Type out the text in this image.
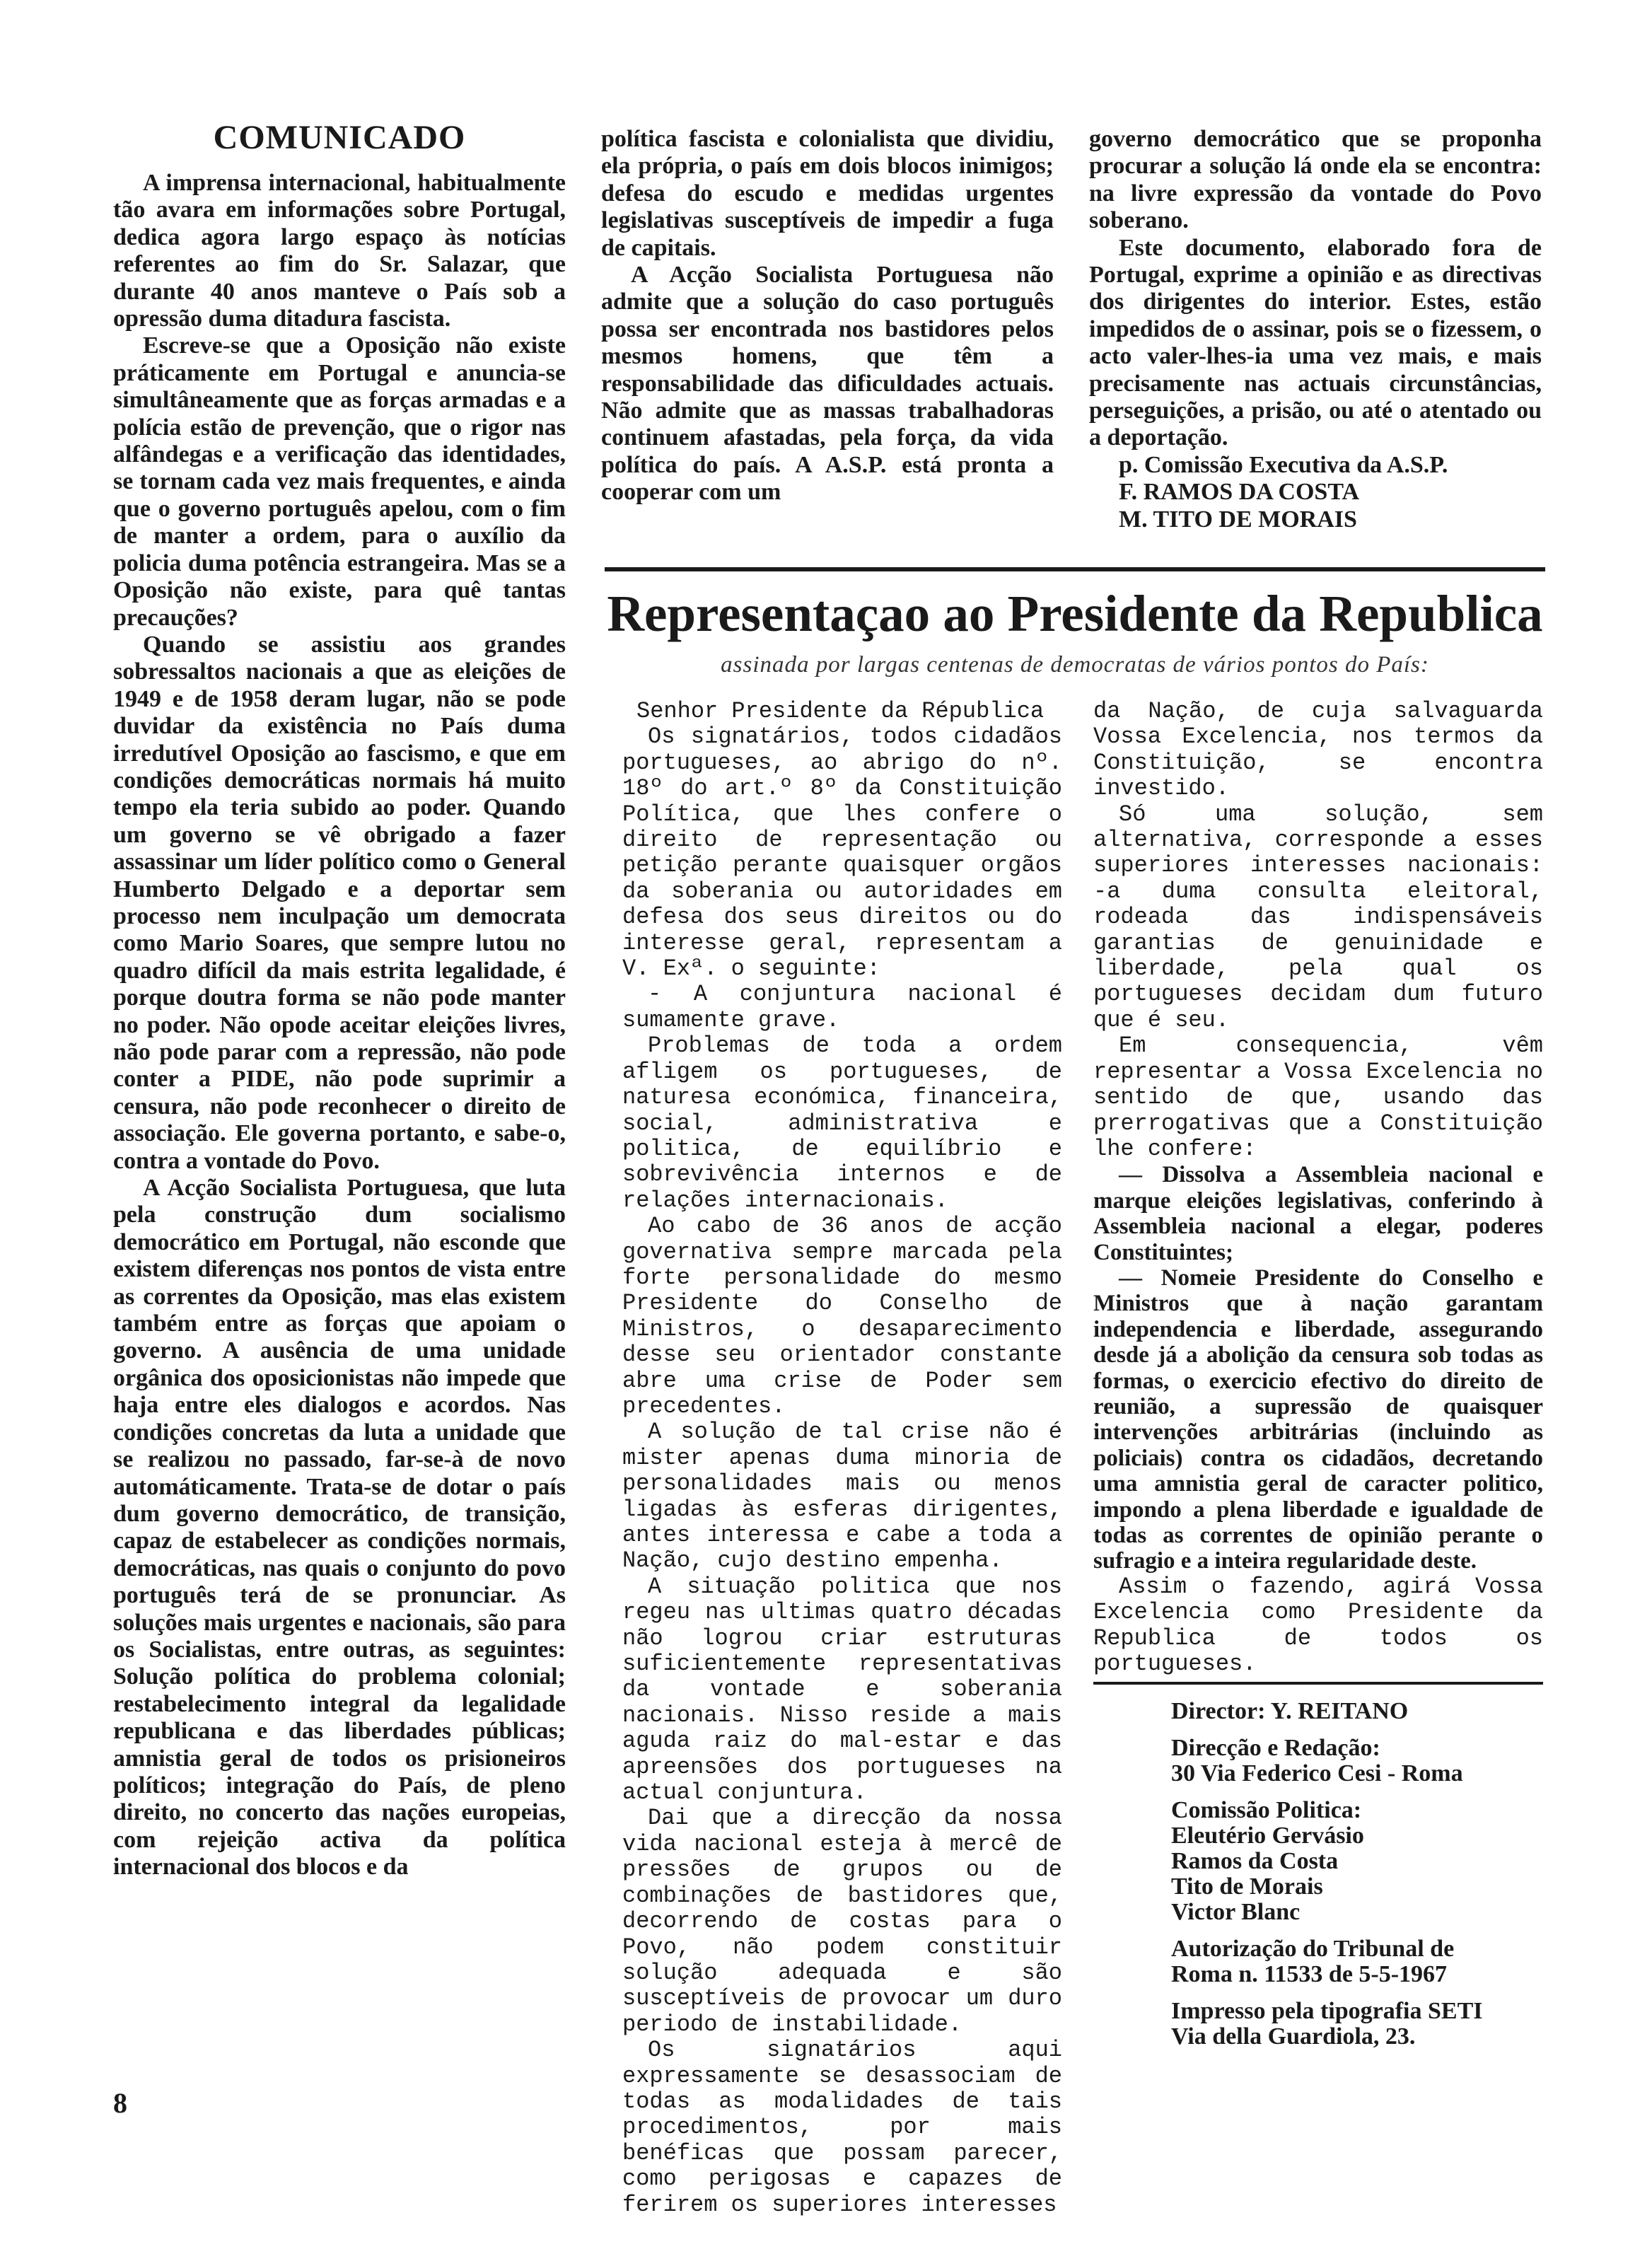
COMUNICADO

A imprensa internacional, habitualmente tão avara em informações sobre Portugal, dedica agora largo espaço às notícias referentes ao fim do Sr. Salazar, que durante 40 anos manteve o País sob a opressão duma ditadura fascista.

Escreve-se que a Oposição não existe práticamente em Portugal e anuncia-se simultâneamente que as forças armadas e a polícia estão de prevenção, que o rigor nas alfândegas e a verificação das identidades, se tornam cada vez mais frequentes, e ainda que o governo português apelou, com o fim de manter a ordem, para o auxílio da policia duma potência estrangeira. Mas se a Oposição não existe, para quê tantas precauções?

Quando se assistiu aos grandes sobressaltos nacionais a que as eleições de 1949 e de 1958 deram lugar, não se pode duvidar da existência no País duma irredutível Oposição ao fascismo, e que em condições democráticas normais há muito tempo ela teria subido ao poder. Quando um governo se vê obrigado a fazer assassinar um líder político como o General Humberto Delgado e a deportar sem processo nem inculpação um democrata como Mario Soares, que sempre lutou no quadro difícil da mais estrita legalidade, é porque doutra forma se não pode manter no poder. Não opode aceitar eleições livres, não pode parar com a repressão, não pode conter a PIDE, não pode suprimir a censura, não pode reconhecer o direito de associação. Ele governa portanto, e sabe-o, contra a vontade do Povo.

A Acção Socialista Portuguesa, que luta pela construção dum socialismo democrático em Portugal, não esconde que existem diferenças nos pontos de vista entre as correntes da Oposição, mas elas existem também entre as forças que apoiam o governo. A ausência de uma unidade orgânica dos oposicionistas não impede que haja entre eles dialogos e acordos. Nas condições concretas da luta a unidade que se realizou no passado, far-se-à de novo automáticamente. Trata-se de dotar o país dum governo democrático, de transição, capaz de estabelecer as condições normais, democráticas, nas quais o conjunto do povo português terá de se pronunciar. As soluções mais urgentes e nacionais, são para os Socialistas, entre outras, as seguintes: Solução política do problema colonial; restabelecimento integral da legalidade republicana e das liberdades públicas; amnistia geral de todos os prisioneiros políticos; integração do País, de pleno direito, no concerto das nações europeias, com rejeição activa da política internacional dos blocos e da

política fascista e colonialista que dividiu, ela própria, o país em dois blocos inimigos; defesa do escudo e medidas urgentes legislativas susceptíveis de impedir a fuga de capitais.

A Acção Socialista Portuguesa não admite que a solução do caso português possa ser encontrada nos bastidores pelos mesmos homens, que têm a responsabilidade das dificuldades actuais. Não admite que as massas trabalhadoras continuem afastadas, pela força, da vida política do país. A A.S.P. está pronta a cooperar com um

governo democrático que se proponha procurar a solução lá onde ela se encontra: na livre expressão da vontade do Povo soberano.

Este documento, elaborado fora de Portugal, exprime a opinião e as directivas dos dirigentes do interior. Estes, estão impedidos de o assinar, pois se o fizessem, o acto valer-lhes-ia uma vez mais, e mais precisamente nas actuais circunstâncias, perseguições, a prisão, ou até o atentado ou a deportação.

p. Comissão Executiva da A.S.P.

F. RAMOS DA COSTA

M. TITO DE MORAIS

Representaçao ao Presidente da Republica

assinada por largas centenas de democratas de vários pontos do País:

Senhor Presidente da Républica

Os signatários, todos cidadãos portugueses, ao abrigo do nº. 18º do art.º 8º da Constituição Política, que lhes confere o direito de representação ou petição perante quaisquer orgãos da soberania ou autoridades em defesa dos seus direitos ou do interesse geral, representam a V. Exª. o seguinte:

- A conjuntura nacional é sumamente grave.

Problemas de toda a ordem afligem os portugueses, de naturesa económica, financeira, social, administrativa e politica, de equilíbrio e sobrevivência internos e de relações internacionais.

Ao cabo de 36 anos de acção governativa sempre marcada pela forte personalidade do mesmo Presidente do Conselho de Ministros, o desaparecimento desse seu orientador constante abre uma crise de Poder sem precedentes.

A solução de tal crise não é mister apenas duma minoria de personalidades mais ou menos ligadas às esferas dirigentes, antes interessa e cabe a toda a Nação, cujo destino empenha.

A situação politica que nos regeu nas ultimas quatro décadas não logrou criar estruturas suficientemente representativas da vontade e soberania nacionais. Nisso reside a mais aguda raiz do mal-estar e das apreensões dos portugueses na actual conjuntura.

Dai que a direcção da nossa vida nacional esteja à mercê de pressões de grupos ou de combinações de bastidores que, decorrendo de costas para o Povo, não podem constituir solução adequada e são susceptíveis de provocar um duro periodo de instabilidade.

Os signatários aqui expressamente se desassociam de todas as modalidades de tais procedimentos, por mais benéficas que possam parecer, como perigosas e capazes de ferirem os superiores interesses

da Nação, de cuja salvaguarda Vossa Excelencia, nos termos da Constituição, se encontra investido.

Só uma solução, sem alternativa, corresponde a esses superiores interesses nacionais: -a duma consulta eleitoral, rodeada das indispensáveis garantias de genuinidade e liberdade, pela qual os portugueses decidam dum futuro que é seu.

Em consequencia, vêm representar a Vossa Excelencia no sentido de que, usando das prerrogativas que a Constituição lhe confere:

— Dissolva a Assembleia nacional e marque eleições legislativas, conferindo à Assembleia nacional a elegar, poderes Constituintes;

— Nomeie Presidente do Conselho e Ministros que à nação garantam independencia e liberdade, assegurando desde já a abolição da censura sob todas as formas, o exercicio efectivo do direito de reunião, a supressão de quaisquer intervenções arbitrárias (incluindo as policiais) contra os cidadãos, decretando uma amnistia geral de caracter politico, impondo a plena liberdade e igualdade de todas as correntes de opinião perante o sufragio e a inteira regularidade deste.

Assim o fazendo, agirá Vossa Excelencia como Presidente da Republica de todos os portugueses.

Director: Y. REITANO
Direcção e Redação:
30 Via Federico Cesi - Roma
Comissão Politica:
Eleutério Gervásio
Ramos da Costa
Tito de Morais
Victor Blanc
Autorização do Tribunal de
Roma n. 11533 de 5-5-1967
Impresso pela tipografia SETI
Via della Guardiola, 23.
8
